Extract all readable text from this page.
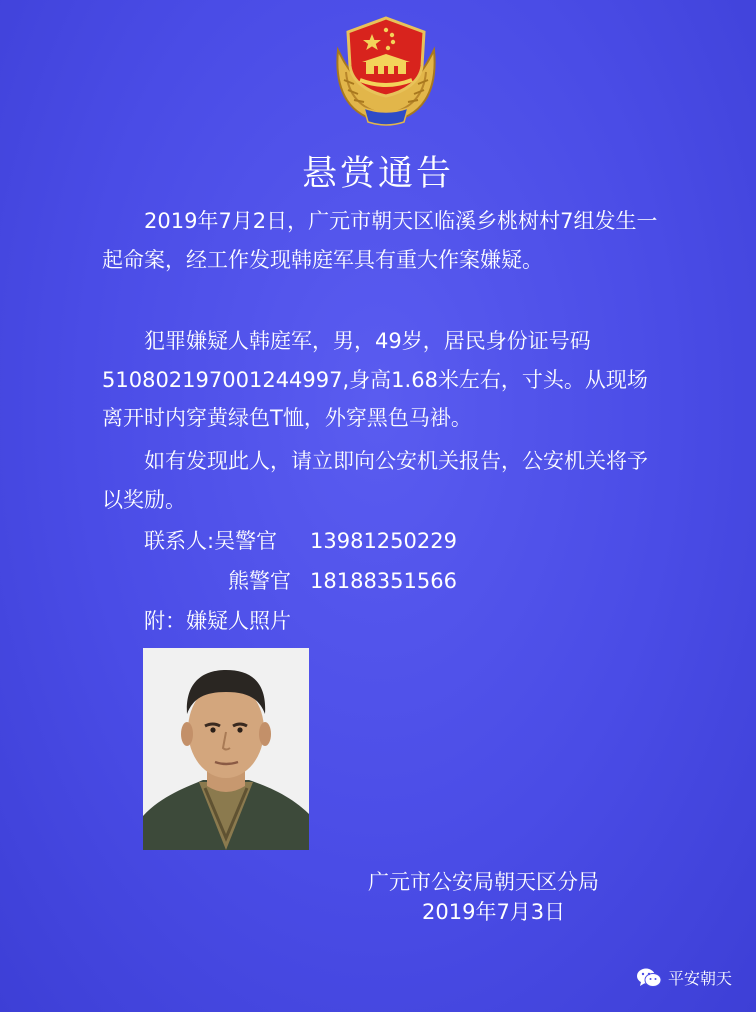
悬赏通告
2019年7月2日，广元市朝天区临溪乡桃树村7组发生一起命案，经工作发现韩庭军具有重大作案嫌疑。
犯罪嫌疑人韩庭军，男，49岁，居民身份证号码510802197001244997,身高1.68米左右，寸头。从现场离开时内穿黄绿色T恤，外穿黑色马褂。
如有发现此人，请立即向公安机关报告，公安机关将予以奖励。
联系人:吴警官 13981250229
熊警官 18188351566
附：嫌疑人照片
广元市公安局朝天区分局
2019年7月3日
平安朝天
